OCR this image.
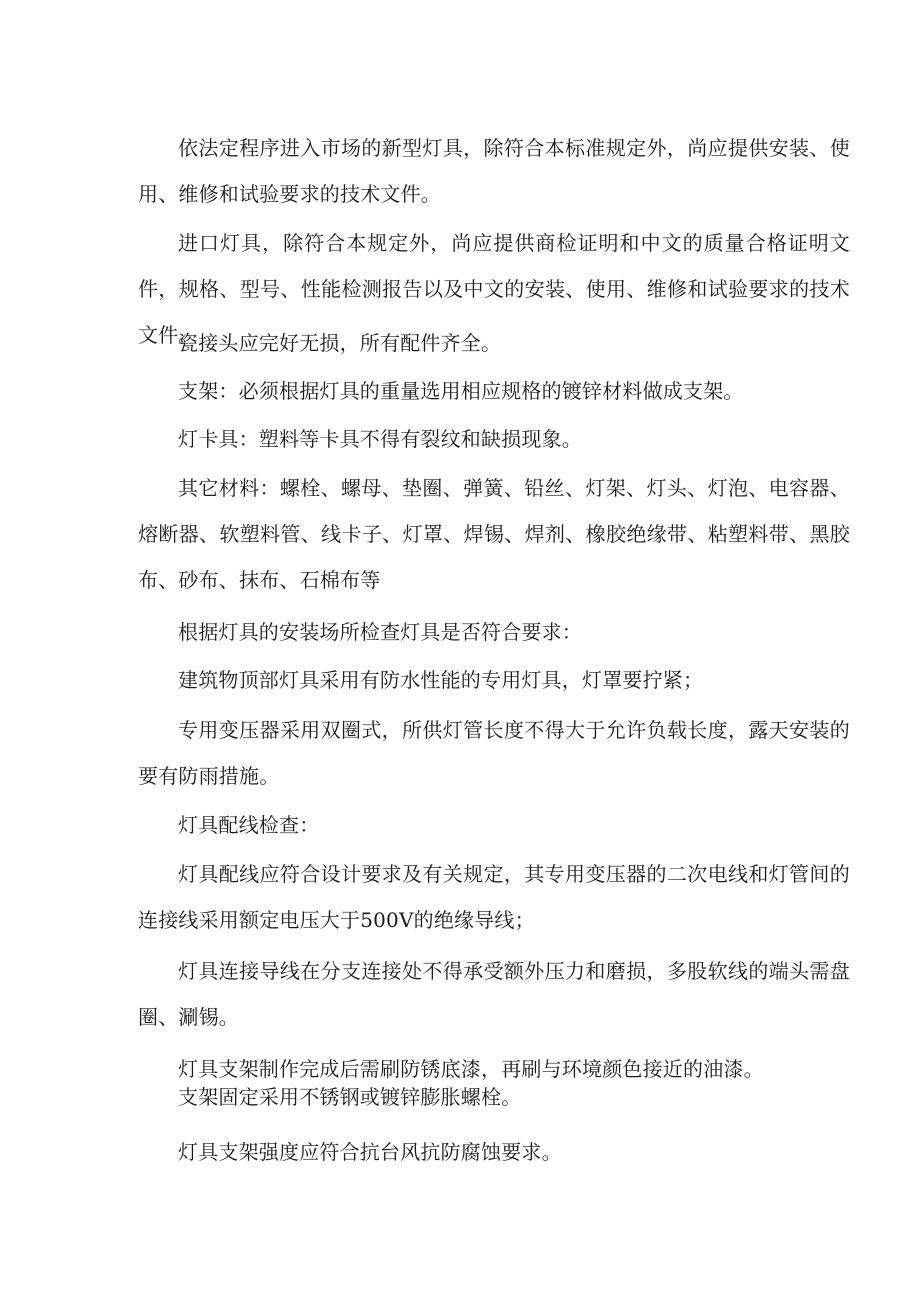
依法定程序进入市场的新型灯具，除符合本标准规定外，尚应提供安装、使用、维修和试验要求的技术文件。

进口灯具，除符合本规定外，尚应提供商检证明和中文的质量合格证明文件，规格、型号、性能检测报告以及中文的安装、使用、维修和试验要求的技术文件。

瓷接头应完好无损，所有配件齐全。

支架：必须根据灯具的重量选用相应规格的镀锌材料做成支架。

灯卡具：塑料等卡具不得有裂纹和缺损现象。

其它材料：螺栓、螺母、垫圈、弹簧、铅丝、灯架、灯头、灯泡、电容器、熔断器、软塑料管、线卡子、灯罩、焊锡、焊剂、橡胶绝缘带、粘塑料带、黑胶布、砂布、抹布、石棉布等

根据灯具的安装场所检查灯具是否符合要求：

建筑物顶部灯具采用有防水性能的专用灯具，灯罩要拧紧；

专用变压器采用双圈式，所供灯管长度不得大于允许负载长度，露天安装的要有防雨措施。

灯具配线检查：

灯具配线应符合设计要求及有关规定，其专用变压器的二次电线和灯管间的连接线采用额定电压大于500V的绝缘导线；

灯具连接导线在分支连接处不得承受额外压力和磨损，多股软线的端头需盘圈、涮锡。

灯具支架制作完成后需刷防锈底漆，再刷与环境颜色接近的油漆。

支架固定采用不锈钢或镀锌膨胀螺栓。

灯具支架强度应符合抗台风抗防腐蚀要求。
